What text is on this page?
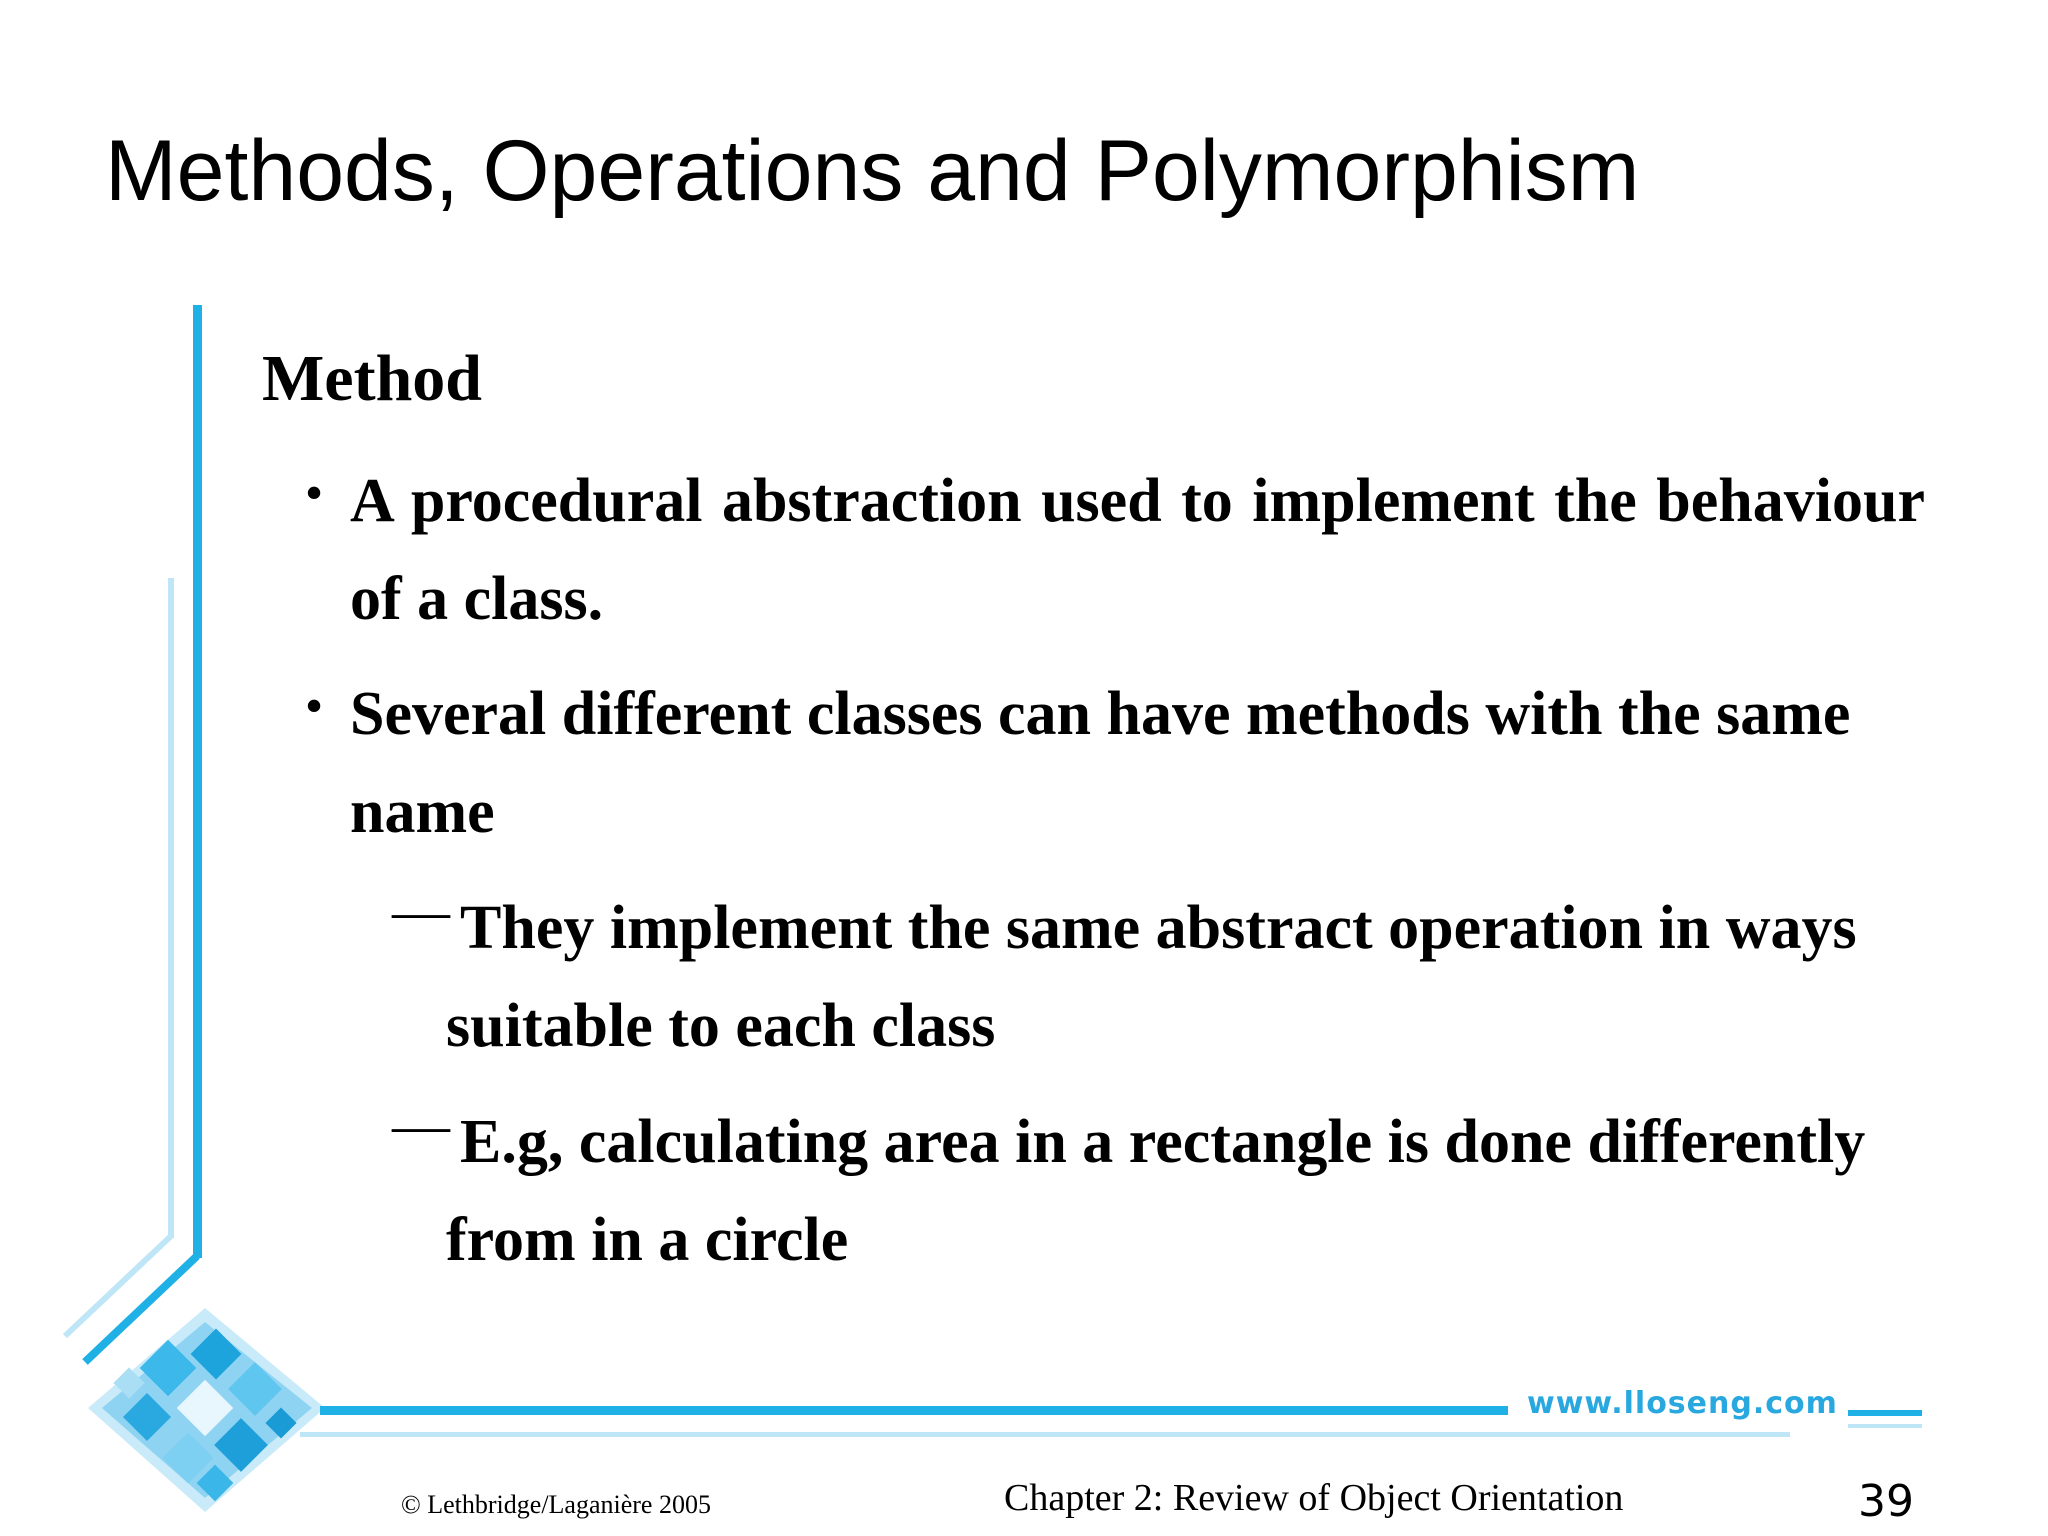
Methods, Operations and Polymorphism
Method
• A procedural abstraction used to implement the behaviour of a class.
• Several different classes can have methods with the same name
— They implement the same abstract operation in ways suitable to each class
— E.g, calculating area in a rectangle is done differently from in a circle
www.lloseng.com
© Lethbridge/Laganière 2005	Chapter 2: Review of Object Orientation	39
